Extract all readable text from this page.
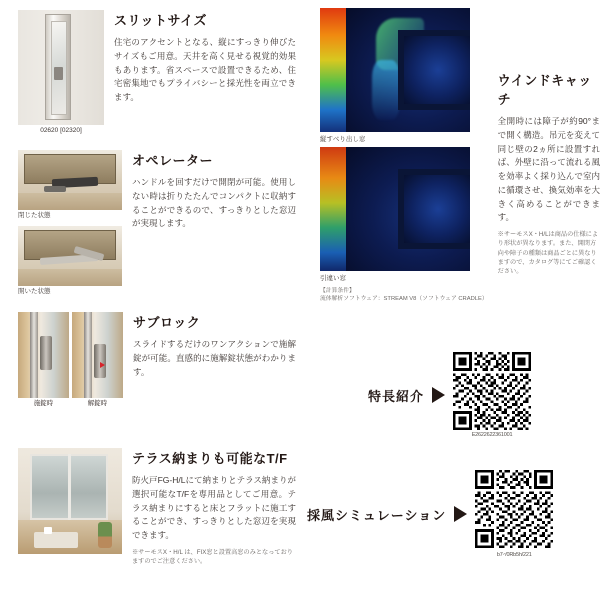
02620 [02320]
スリットサイズ

住宅のアクセントとなる、縦にすっきり伸びたサイズもご用意。天井を高く見せる視覚的効果もあります。省スペースで設置できるため、住宅密集地でもプライバシーと採光性を両立できます。

閉じた状態
開いた状態
オペレーター

ハンドルを回すだけで開閉が可能。使用しない時は折りたたんでコンパクトに収納することができるので、すっきりとした窓辺が実現します。

施錠時	解錠時
サブロック

スライドするだけのワンアクションで施解錠が可能。直感的に施解錠状態がわかります。

テラス納まりも可能なT/F

防火戸FG-H/Lにて納まりとテラス納まりが選択可能なT/Fを専用品としてご用意。テラス納まりにすると床とフラットに施工することができ、すっきりとした窓辺を実現できます。

※サーモスX・H/L は、FIX窓と設置高窓のみとなっておりますのでご注意ください。

縦すべり出し窓
引違い窓
【計算条件】
流体解析ソフトウェア：STREAM V8（ソフトウェア CRADLE）
ウインドキャッチ

全開時には障子が約90°まで開く構造。吊元を変えて同じ壁の2ヵ所に設置すれば、外壁に沿って流れる風を効率よく採り込んで室内に循環させ、換気効率を大きく高めることができます。

※サーモスX・H/Lは商品の仕様により形状が異なります。また、開閉方向や障子の種類は商品ごとに異なりますので、カタログ等にてご確認ください。

特長紹介
E2622622361001
採風シミュレーション
b7ｰ/0Rb5h/221
